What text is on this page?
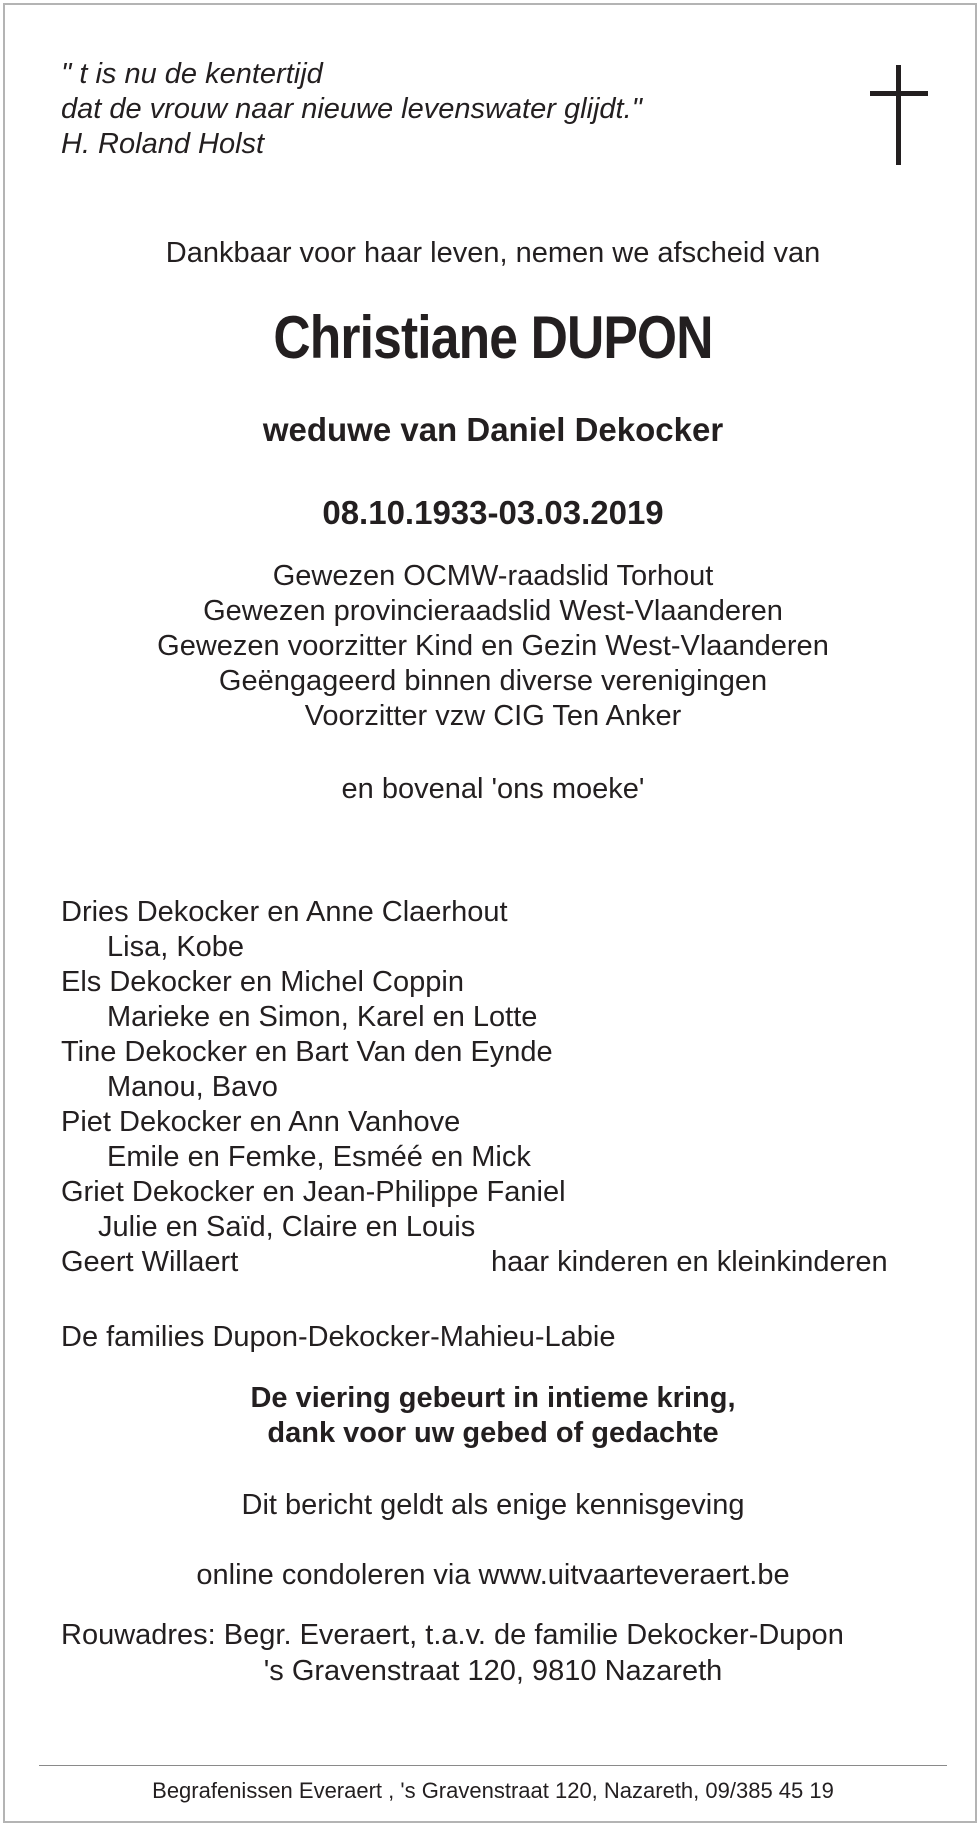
" t is nu de kentertijd
dat de vrouw naar nieuwe levenswater glijdt."
H. Roland Holst
Dankbaar voor haar leven, nemen we afscheid van
Christiane DUPON
weduwe van Daniel Dekocker
08.10.1933-03.03.2019
Gewezen OCMW-raadslid Torhout
Gewezen provincieraadslid West-Vlaanderen
Gewezen voorzitter Kind en Gezin West-Vlaanderen
Geëngageerd binnen diverse verenigingen
Voorzitter vzw CIG Ten Anker
en bovenal 'ons moeke'
Dries Dekocker en Anne Claerhout
Lisa, Kobe
Els Dekocker en Michel Coppin
Marieke en Simon, Karel en Lotte
Tine Dekocker en Bart Van den Eynde
Manou, Bavo
Piet Dekocker en Ann Vanhove
Emile en Femke, Esméé en Mick
Griet Dekocker en Jean-Philippe Faniel
Julie en Saïd, Claire en Louis
Geert Willaert	haar kinderen en kleinkinderen
De families Dupon-Dekocker-Mahieu-Labie
De viering gebeurt in intieme kring,
dank voor uw gebed of gedachte
Dit bericht geldt als enige kennisgeving
online condoleren via www.uitvaarteveraert.be
Rouwadres: Begr. Everaert, t.a.v. de familie Dekocker-Dupon
's Gravenstraat 120, 9810 Nazareth
Begrafenissen Everaert , 's Gravenstraat 120, Nazareth, 09/385 45 19
